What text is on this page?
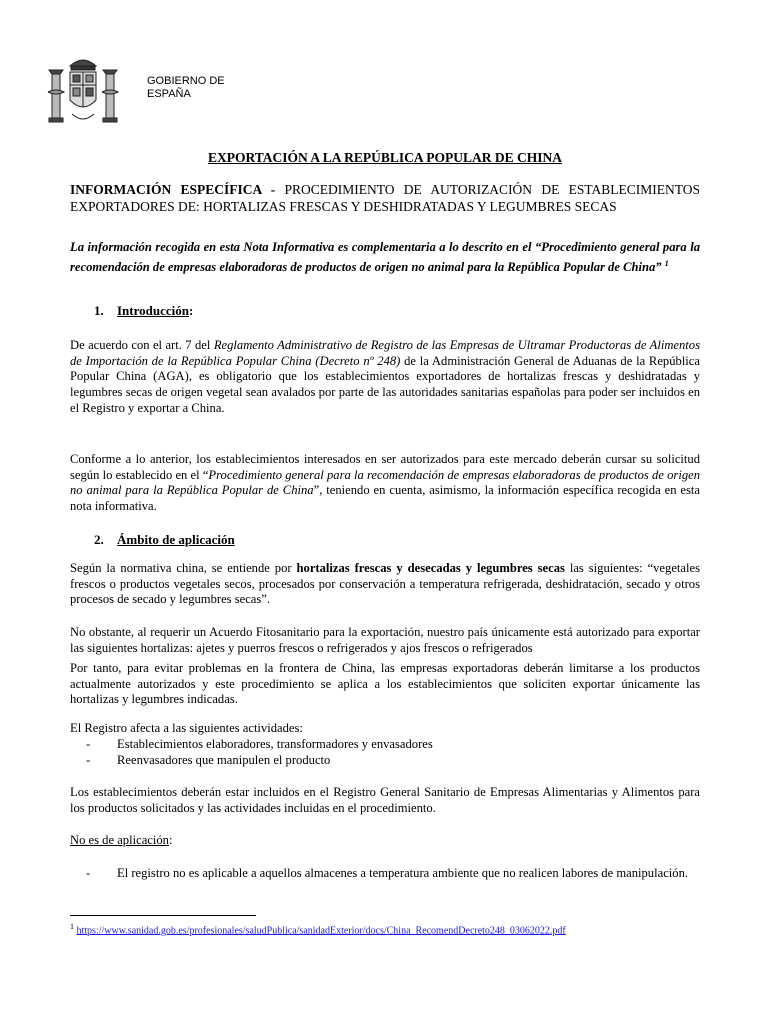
GOBIERNO DE
ESPAÑA
EXPORTACIÓN A LA REPÚBLICA POPULAR DE CHINA
INFORMACIÓN ESPECÍFICA - PROCEDIMIENTO DE AUTORIZACIÓN DE ESTABLECIMIENTOS EXPORTADORES DE: HORTALIZAS FRESCAS Y DESHIDRATADAS Y LEGUMBRES SECAS
La información recogida en esta Nota Informativa es complementaria a lo descrito en el “Procedimiento general para la recomendación de empresas elaboradoras de productos de origen no animal para la República Popular de China” $^1$
1. Introducción:

De acuerdo con el art. 7 del Reglamento Administrativo de Registro de las Empresas de Ultramar Productoras de Alimentos de Importación de la República Popular China (Decreto nº 248) de la Administración General de Aduanas de la República Popular China (AGA), es obligatorio que los establecimientos exportadores de hortalizas frescas y deshidratadas y legumbres secas de origen vegetal sean avalados por parte de las autoridades sanitarias españolas para poder ser incluidos en el Registro y exportar a China.

Conforme a lo anterior, los establecimientos interesados en ser autorizados para este mercado deberán cursar su solicitud según lo establecido en el “Procedimiento general para la recomendación de empresas elaboradoras de productos de origen no animal para la República Popular de China”, teniendo en cuenta, asimismo, la información específica recogida en esta nota informativa.

2. Ámbito de aplicación

Según la normativa china, se entiende por hortalizas frescas y desecadas y legumbres secas las siguientes: “vegetales frescos o productos vegetales secos, procesados por conservación a temperatura refrigerada, deshidratación, secado y otros procesos de secado y legumbres secas”.

No obstante, al requerir un Acuerdo Fitosanitario para la exportación, nuestro país únicamente está autorizado para exportar las siguientes hortalizas: ajetes y puerros frescos o refrigerados y ajos frescos o refrigerados

Por tanto, para evitar problemas en la frontera de China, las empresas exportadoras deberán limitarse a los productos actualmente autorizados y este procedimiento se aplica a los establecimientos que soliciten exportar únicamente las hortalizas y legumbres indicadas.

El Registro afecta a las siguientes actividades:

- Establecimientos elaboradores, transformadores y envasadores
- Reenvasadores que manipulen el producto

Los establecimientos deberán estar incluidos en el Registro General Sanitario de Empresas Alimentarias y Alimentos para los productos solicitados y las actividades incluidas en el procedimiento.

No es de aplicación:
- El registro no es aplicable a aquellos almacenes a temperatura ambiente que no realicen labores de manipulación.
$^1$ https://www.sanidad.gob.es/profesionales/saludPublica/sanidadExterior/docs/China_RecomendDecreto248_03062022.pdf
